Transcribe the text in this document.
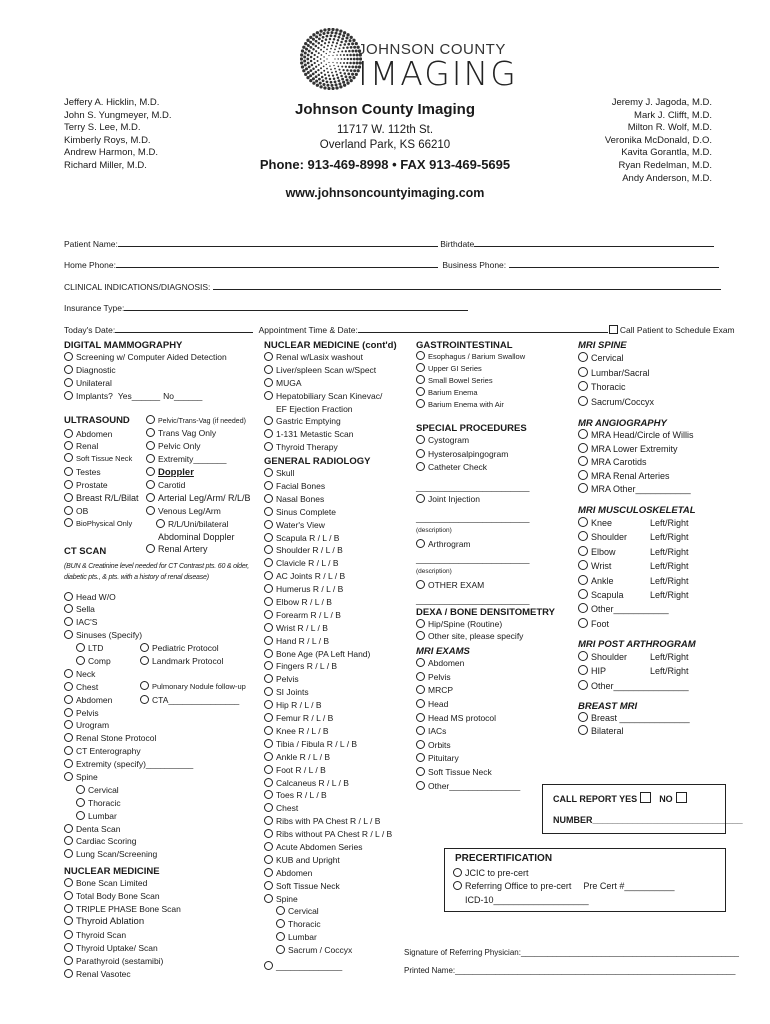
JOHNSON COUNTY
IMAGING
Jeffery A. Hicklin, M.D.
John S. Yungmeyer, M.D.
Terry S. Lee, M.D.
Kimberly Roys, M.D.
Andrew Harmon, M.D.
Richard Miller, M.D.
Jeremy J. Jagoda, M.D.
Mark J. Clifft, M.D.
Milton R. Wolf, M.D.
Veronika McDonald, D.O.
Kavita Gorantla, M.D.
Ryan Redelman, M.D.
Andy Anderson, M.D.
Johnson County Imaging
11717 W. 112th St.
Overland Park, KS 66210
Phone: 913-469-8998 • FAX 913-469-5695
www.johnsoncountyimaging.com
Patient Name:	Birthdate
Home Phone:	Business Phone:
CLINICAL INDICATIONS/DIAGNOSIS:
Insurance Type:
Today's Date:	Appointment Time & Date:	Call Patient to Schedule Exam
DIGITAL MAMMOGRAPHY
Screening w/ Computer Aided Detection
Diagnostic
Unilateral
Implants? Yes______ No______
ULTRASOUND
Abdomen
Renal
Soft Tissue Neck
Testes
Prostate
Breast R/L/Bilat
OB
BioPhysical Only
Pelvic/Trans-Vag (if needed)
Trans Vag Only
Pelvic Only
Extremity_______
Doppler
Carotid
Arterial Leg/Arm/ R/L/B
Venous Leg/Arm
R/L/Uni/bilateral
Abdominal Doppler
Renal Artery
CT SCAN
(BUN & Creatinine level needed for CT Contrast pts. 60 & older,
diabetic pts., & pts. with a history of renal disease)
Head W/O
Sella
IAC'S
Sinuses (Specify)
LTD	Pediatric Protocol
Comp	Landmark Protocol
Neck
Chest	Pulmonary Nodule follow-up
Abdomen	CTA_______________
Pelvis
Urogram
Renal Stone Protocol
CT Enterography
Extremity (specify)__________
Spine
Cervical
Thoracic
Lumbar
Denta Scan
Cardiac Scoring
Lung Scan/Screening
NUCLEAR MEDICINE
Bone Scan Limited
Total Body Bone Scan
TRIPLE PHASE Bone Scan
Thyroid Ablation
Thyroid Scan
Thyroid Uptake/ Scan
Parathyroid (sestamibi)
Renal Vasotec
NUCLEAR MEDICINE (cont'd)
Renal w/Lasix washout
Liver/spleen Scan w/Spect
MUGA
Hepatobiliary Scan Kinevac/
EF Ejection Fraction
Gastric Emptying
1-131 Metastic Scan
Thyroid Therapy
GENERAL RADIOLOGY
Skull
Facial Bones
Nasal Bones
Sinus Complete
Water's View
Scapula R / L / B
Shoulder R / L / B
Clavicle R / L / B
AC Joints R / L / B
Humerus R / L / B
Elbow R / L / B
Forearm R / L / B
Wrist R / L / B
Hand R / L / B
Bone Age (PA Left Hand)
Fingers R / L / B
Pelvis
SI Joints
Hip R / L / B
Femur R / L / B
Knee R / L / B
Tibia / Fibula R / L / B
Ankle R / L / B
Foot R / L / B
Calcaneus R / L / B
Toes R / L / B
Chest
Ribs with PA Chest R / L / B
Ribs without PA Chest R / L / B
Acute Abdomen Series
KUB and Upright
Abdomen
Soft Tissue Neck
Spine
Cervical
Thoracic
Lumbar
Sacrum / Coccyx
______________
GASTROINTESTINAL
Esophagus / Barium Swallow
Upper GI Series
Small Bowel Series
Barium Enema
Barium Enema with Air
SPECIAL PROCEDURES
Cystogram
Hysterosalpingogram
Catheter Check
________________________
Joint Injection
________________________
(description)
Arthrogram
________________________
(description)
OTHER EXAM
________________________
DEXA / BONE DENSITOMETRY
Hip/Spine (Routine)
Other site, please specify
MRI EXAMS
Abdomen
Pelvis
MRCP
Head
Head MS protocol
IACs
Orbits
Pituitary
Soft Tissue Neck
Other_______________
CALL REPORT YES NO
NUMBER______________________________
PRECERTIFICATION
JCIC to pre-cert
Referring Office to pre-cert Pre Cert #__________
ICD-10___________________
Signature of Referring Physician:_________________________________________________
Printed Name:_______________________________________________________________
MRI SPINE
Cervical
Lumbar/Sacral
Thoracic
Sacrum/Coccyx
MR ANGIOGRAPHY
MRA Head/Circle of Willis
MRA Lower Extremity
MRA Carotids
MRA Renal Arteries
MRA Other___________
MRI MUSCULOSKELETAL
Knee	Left/Right
Shoulder	Left/Right
Elbow	Left/Right
Wrist	Left/Right
Ankle	Left/Right
Scapula	Left/Right
Other___________
Foot
MRI POST ARTHROGRAM
Shoulder	Left/Right
HIP	Left/Right
Other_______________
BREAST MRI
Breast ______________
Bilateral
